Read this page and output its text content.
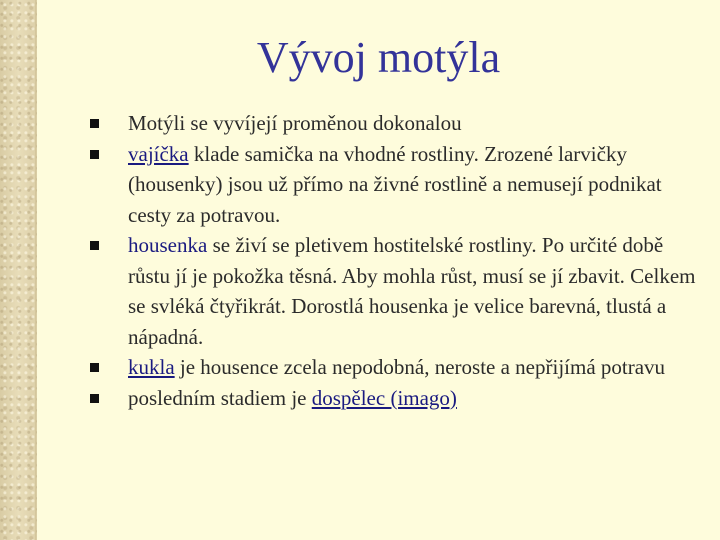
Vývoj motýla
Motýli se vyvíjejí proměnou dokonalou
vajíčka klade samička na vhodné rostliny. Zrozené larvičky (housenky) jsou už přímo na živné rostlině a nemusejí podnikat cesty za potravou.
housenka se živí se pletivem hostitelské rostliny. Po určité době růstu jí je pokožka těsná. Aby mohla růst, musí se jí zbavit. Celkem se svléká čtyřikrát. Dorostlá housenka je velice barevná, tlustá a nápadná.
kukla je housence zcela nepodobná, neroste a nepřijímá potravu
posledním stadiem je dospělec (imago)
